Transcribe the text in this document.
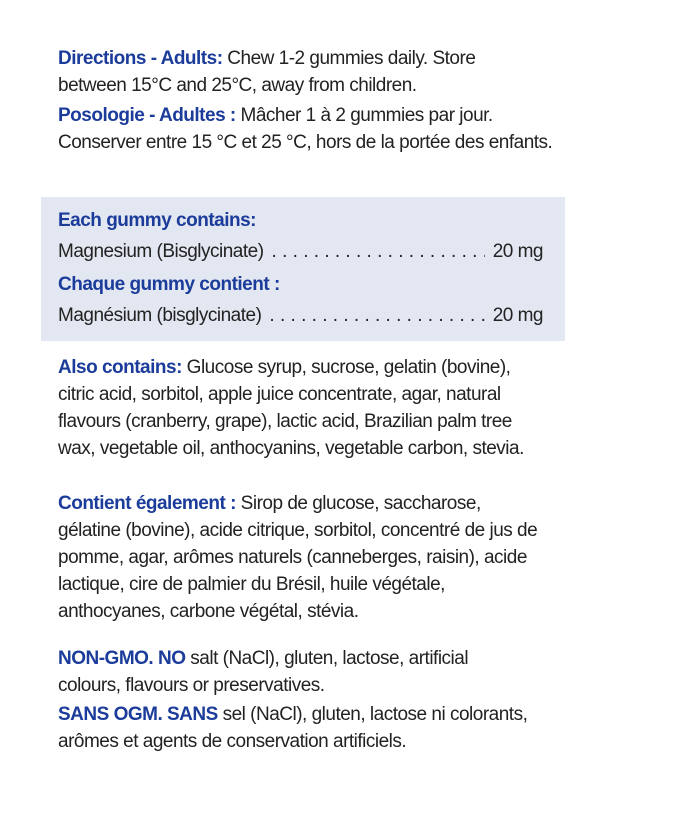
Directions - Adults: Chew 1-2 gummies daily. Store between 15°C and 25°C, away from children.
Posologie - Adultes : Mâcher 1 à 2 gummies par jour. Conserver entre 15 °C et 25 °C, hors de la portée des enfants.
Each gummy contains:
Magnesium (Bisglycinate) . . .	20 mg
Chaque gummy contient :
Magnésium (bisglycinate) . . .	20 mg
Also contains: Glucose syrup, sucrose, gelatin (bovine), citric acid, sorbitol, apple juice concentrate, agar, natural flavours (cranberry, grape), lactic acid, Brazilian palm tree wax, vegetable oil, anthocyanins, vegetable carbon, stevia.
Contient également : Sirop de glucose, saccharose, gélatine (bovine), acide citrique, sorbitol, concentré de jus de pomme, agar, arômes naturels (canneberges, raisin), acide lactique, cire de palmier du Brésil, huile végétale, anthocyanes, carbone végétal, stévia.
NON-GMO. NO salt (NaCl), gluten, lactose, artificial colours, flavours or preservatives.
SANS OGM. SANS sel (NaCl), gluten, lactose ni colorants, arômes et agents de conservation artificiels.
